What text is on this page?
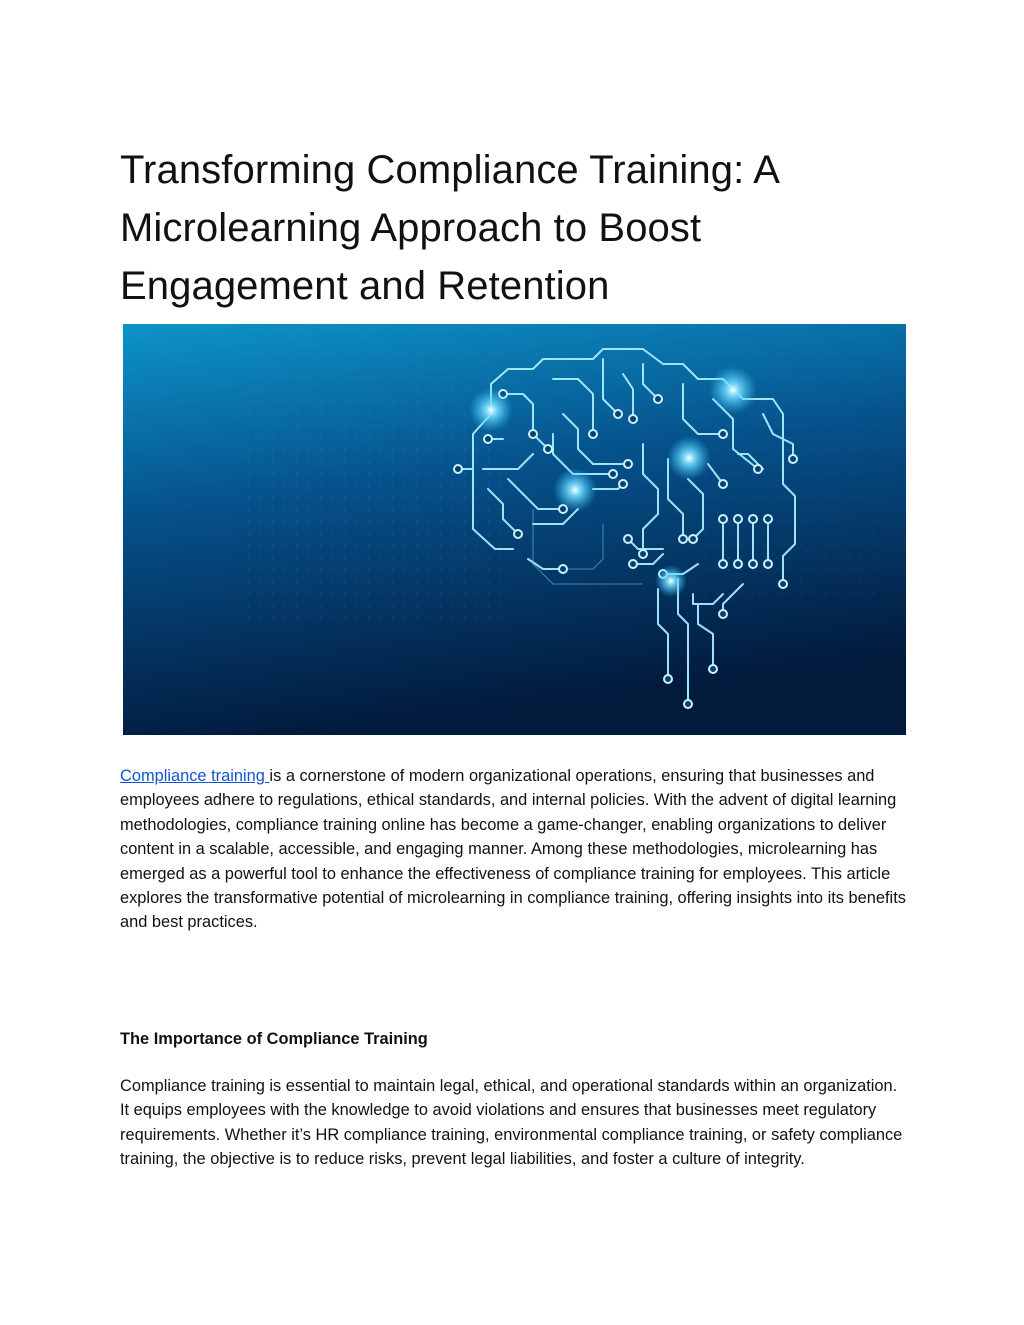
Transforming Compliance Training: A Microlearning Approach to Boost Engagement and Retention

Compliance training is a cornerstone of modern organizational operations, ensuring that businesses and employees adhere to regulations, ethical standards, and internal policies. With the advent of digital learning methodologies, compliance training online has become a game-changer, enabling organizations to deliver content in a scalable, accessible, and engaging manner. Among these methodologies, microlearning has emerged as a powerful tool to enhance the effectiveness of compliance training for employees. This article explores the transformative potential of microlearning in compliance training, offering insights into its benefits and best practices.

The Importance of Compliance Training

Compliance training is essential to maintain legal, ethical, and operational standards within an organization. It equips employees with the knowledge to avoid violations and ensures that businesses meet regulatory requirements. Whether it’s HR compliance training, environmental compliance training, or safety compliance training, the objective is to reduce risks, prevent legal liabilities, and foster a culture of integrity.
